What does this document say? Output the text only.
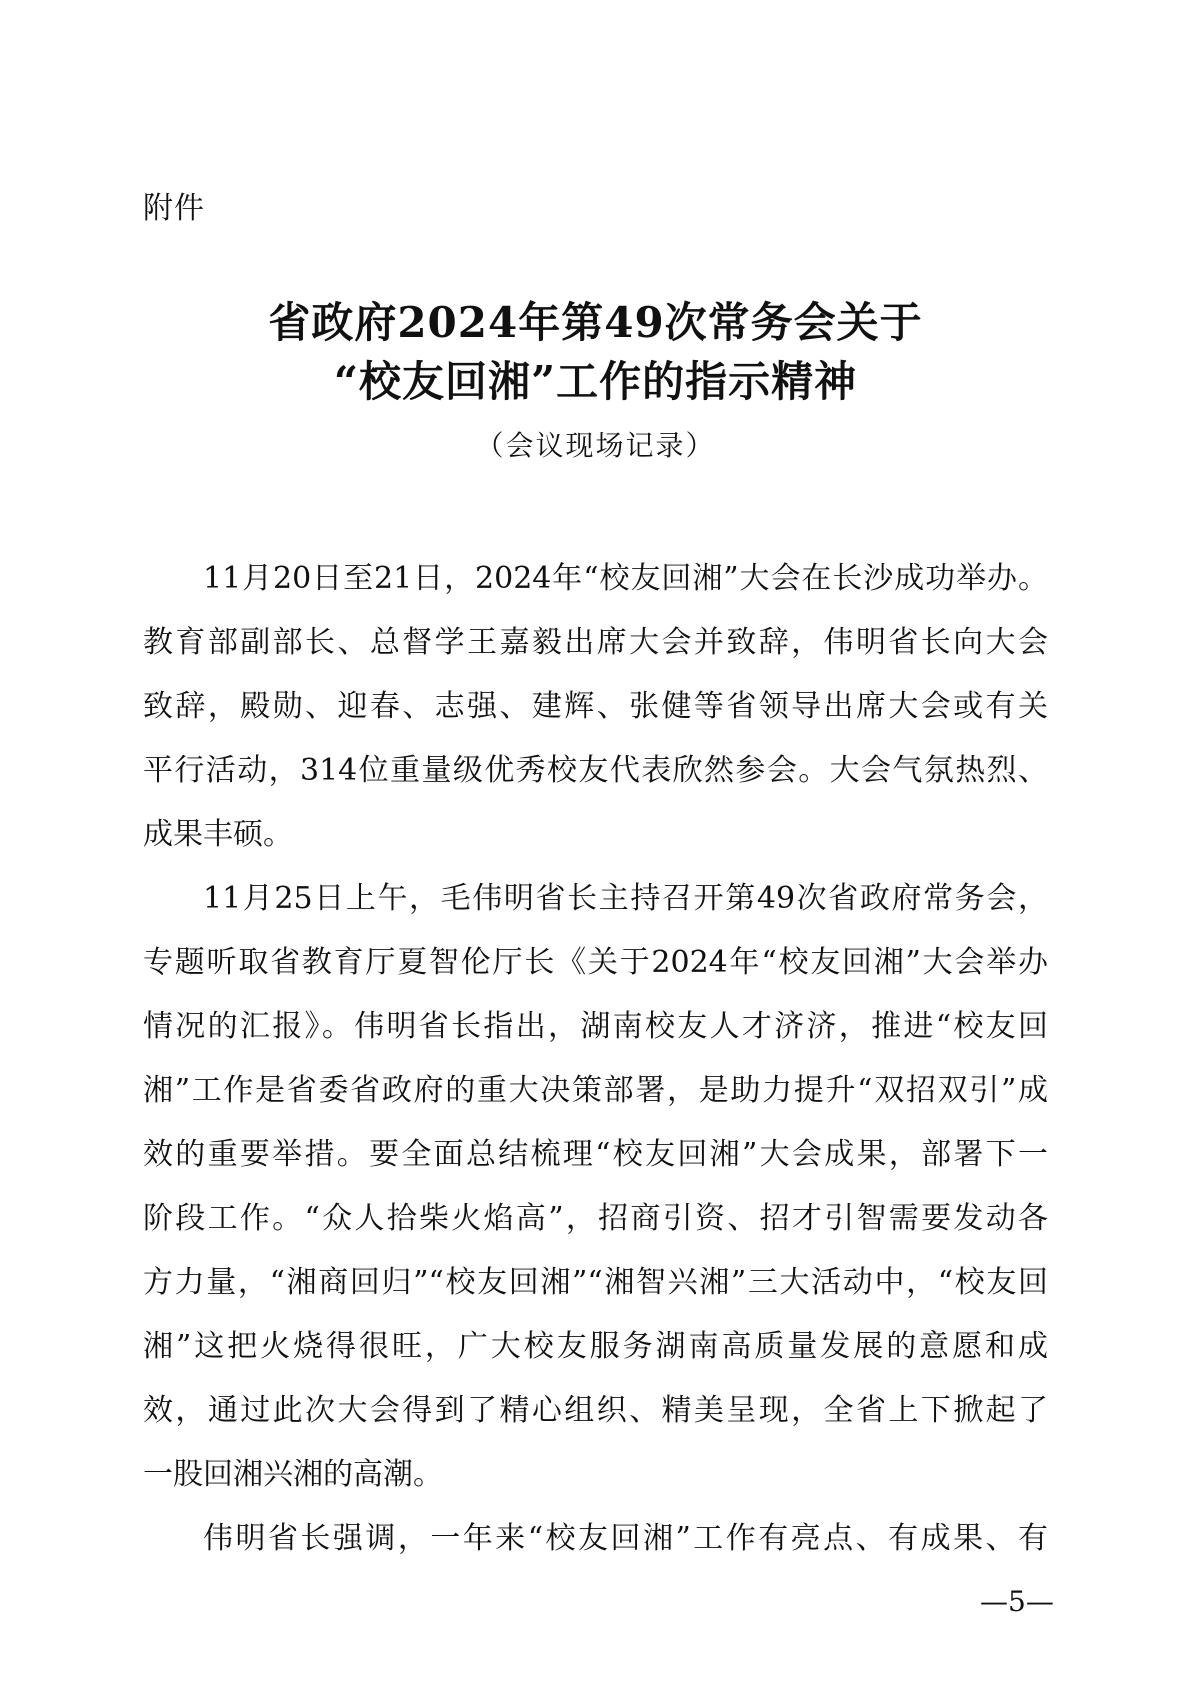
附件
省政府2024年第49次常务会关于
“校友回湘”工作的指示精神
（会议现场记录）
11月20日至21日，2024年“校友回湘”大会在长沙成功举办。
教育部副部长、总督学王嘉毅出席大会并致辞，伟明省长向大会
致辞，殿勋、迎春、志强、建辉、张健等省领导出席大会或有关
平行活动，314位重量级优秀校友代表欣然参会。大会气氛热烈、
成果丰硕。
11月25日上午，毛伟明省长主持召开第49次省政府常务会，
专题听取省教育厅夏智伦厅长《关于2024年“校友回湘”大会举办
情况的汇报》。伟明省长指出，湖南校友人才济济，推进“校友回
湘”工作是省委省政府的重大决策部署，是助力提升“双招双引”成
效的重要举措。要全面总结梳理“校友回湘”大会成果，部署下一
阶段工作。“众人拾柴火焰高”，招商引资、招才引智需要发动各
方力量，“湘商回归”“校友回湘”“湘智兴湘”三大活动中，“校友回
湘”这把火烧得很旺，广大校友服务湖南高质量发展的意愿和成
效，通过此次大会得到了精心组织、精美呈现，全省上下掀起了
一股回湘兴湘的高潮。
伟明省长强调，一年来“校友回湘”工作有亮点、有成果、有
—5—
